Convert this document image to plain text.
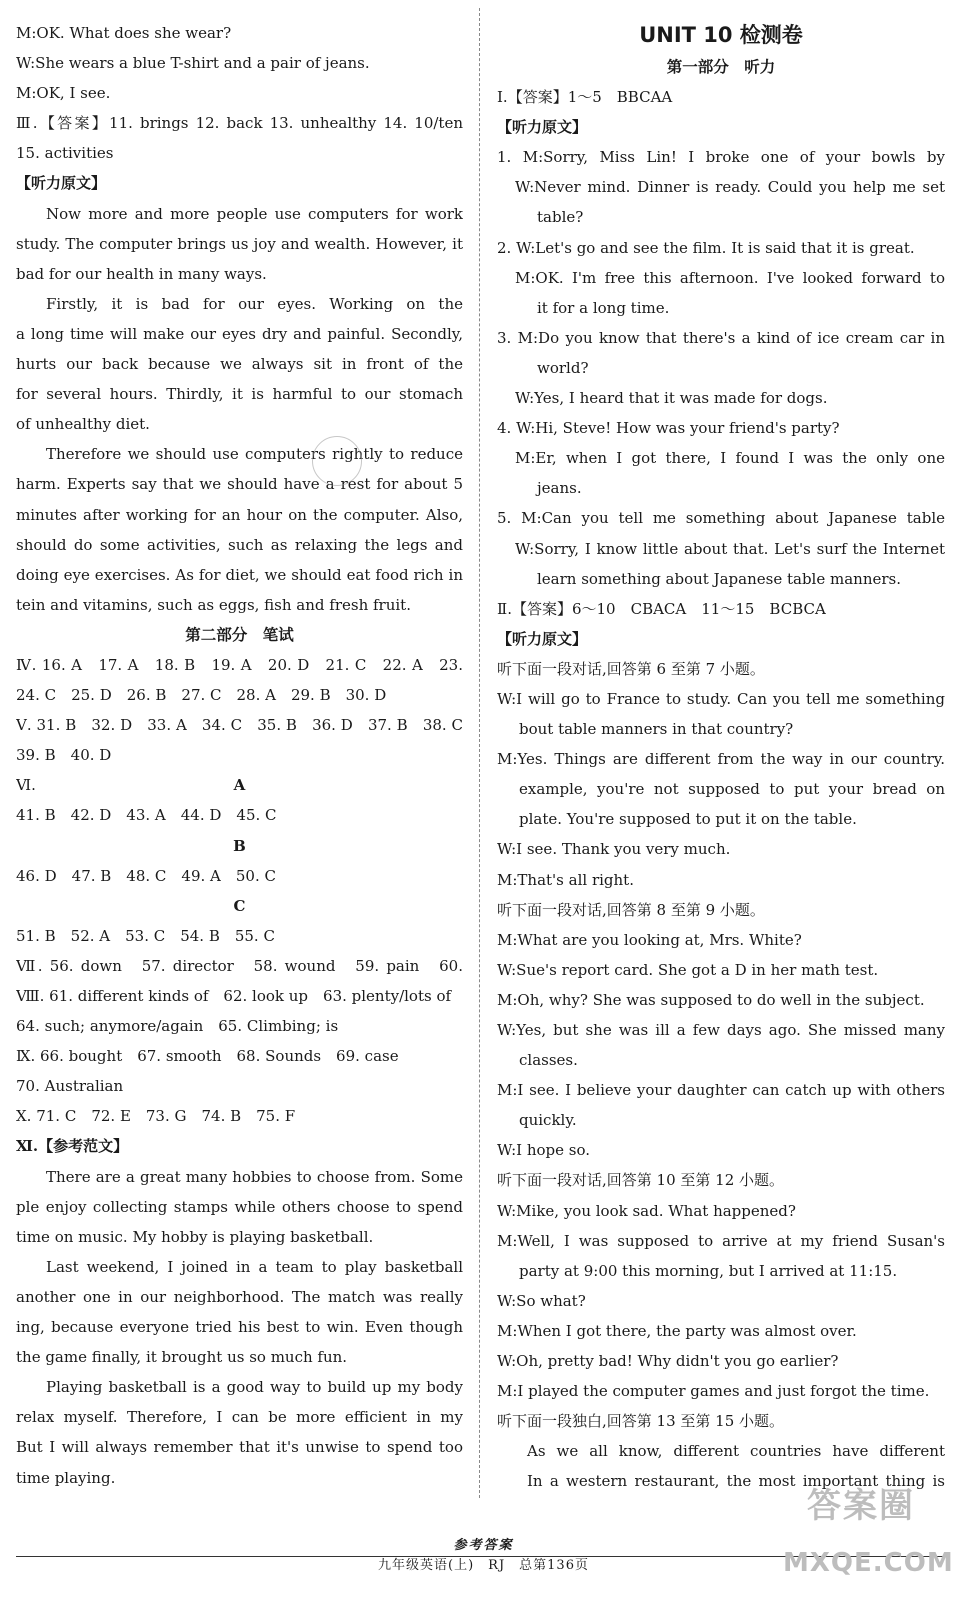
M:OK. What does she wear?
W:She wears a blue T-shirt and a pair of jeans.
M:OK, I see.
Ⅲ.【答案】11. brings 12. back 13. unhealthy 14. 10/ten
15. activities
【听力原文】
Now more and more people use computers for work
study. The computer brings us joy and wealth. However, it
bad for our health in many ways.
Firstly, it is bad for our eyes. Working on the
a long time will make our eyes dry and painful. Secondly,
hurts our back because we always sit in front of the
for several hours. Thirdly, it is harmful to our stomach
of unhealthy diet.
Therefore we should use computers rightly to reduce
harm. Experts say that we should have a rest for about 5
minutes after working for an hour on the computer. Also,
should do some activities, such as relaxing the legs and
doing eye exercises. As for diet, we should eat food rich in
tein and vitamins, such as eggs, fish and fresh fruit.
第二部分　笔试
Ⅳ. 16. A　17. A　18. B　19. A　20. D　21. C　22. A　23.
24. C　25. D　26. B　27. C　28. A　29. B　30. D
Ⅴ. 31. B　32. D　33. A　34. C　35. B　36. D　37. B　38. C
39. B　40. D
Ⅵ.	A
41. B　42. D　43. A　44. D　45. C
B
46. D　47. B　48. C　49. A　50. C
C
51. B　52. A　53. C　54. B　55. C
Ⅶ. 56. down　57. director　58. wound　59. pain　60.
Ⅷ. 61. different kinds of　62. look up　63. plenty/lots of
64. such; anymore/again　65. Climbing; is
Ⅸ. 66. bought　67. smooth　68. Sounds　69. case
70. Australian
Ⅹ. 71. C　72. E　73. G　74. B　75. F
Ⅺ.【参考范文】
There are a great many hobbies to choose from. Some
ple enjoy collecting stamps while others choose to spend
time on music. My hobby is playing basketball.
Last weekend, I joined in a team to play basketball
another one in our neighborhood. The match was really
ing, because everyone tried his best to win. Even though
the game finally, it brought us so much fun.
Playing basketball is a good way to build up my body
relax myself. Therefore, I can be more efficient in my
But I will always remember that it's unwise to spend too
time playing.
UNIT 10 检测卷
第一部分　听力
Ⅰ.【答案】1～5　BBCAA
【听力原文】
1. M:Sorry, Miss Lin! I broke one of your bowls by
W:Never mind. Dinner is ready. Could you help me set
table?
2. W:Let's go and see the film. It is said that it is great.
M:OK. I'm free this afternoon. I've looked forward to
it for a long time.
3. M:Do you know that there's a kind of ice cream car in
world?
W:Yes, I heard that it was made for dogs.
4. W:Hi, Steve! How was your friend's party?
M:Er, when I got there, I found I was the only one
jeans.
5. M:Can you tell me something about Japanese table
W:Sorry, I know little about that. Let's surf the Internet
learn something about Japanese table manners.
Ⅱ.【答案】6～10　CBACA　11～15　BCBCA
【听力原文】
听下面一段对话,回答第 6 至第 7 小题。
W:I will go to France to study. Can you tell me something
bout table manners in that country?
M:Yes. Things are different from the way in our country.
example, you're not supposed to put your bread on
plate. You're supposed to put it on the table.
W:I see. Thank you very much.
M:That's all right.
听下面一段对话,回答第 8 至第 9 小题。
M:What are you looking at, Mrs. White?
W:Sue's report card. She got a D in her math test.
M:Oh, why? She was supposed to do well in the subject.
W:Yes, but she was ill a few days ago. She missed many
classes.
M:I see. I believe your daughter can catch up with others
quickly.
W:I hope so.
听下面一段对话,回答第 10 至第 12 小题。
W:Mike, you look sad. What happened?
M:Well, I was supposed to arrive at my friend Susan's
party at 9:00 this morning, but I arrived at 11:15.
W:So what?
M:When I got there, the party was almost over.
W:Oh, pretty bad! Why didn't you go earlier?
M:I played the computer games and just forgot the time.
听下面一段独白,回答第 13 至第 15 小题。
As we all know, different countries have different
In a western restaurant, the most important thing is
参考答案
九年级英语(上)　RJ　总第136页
答案圈
MXQE.COM
